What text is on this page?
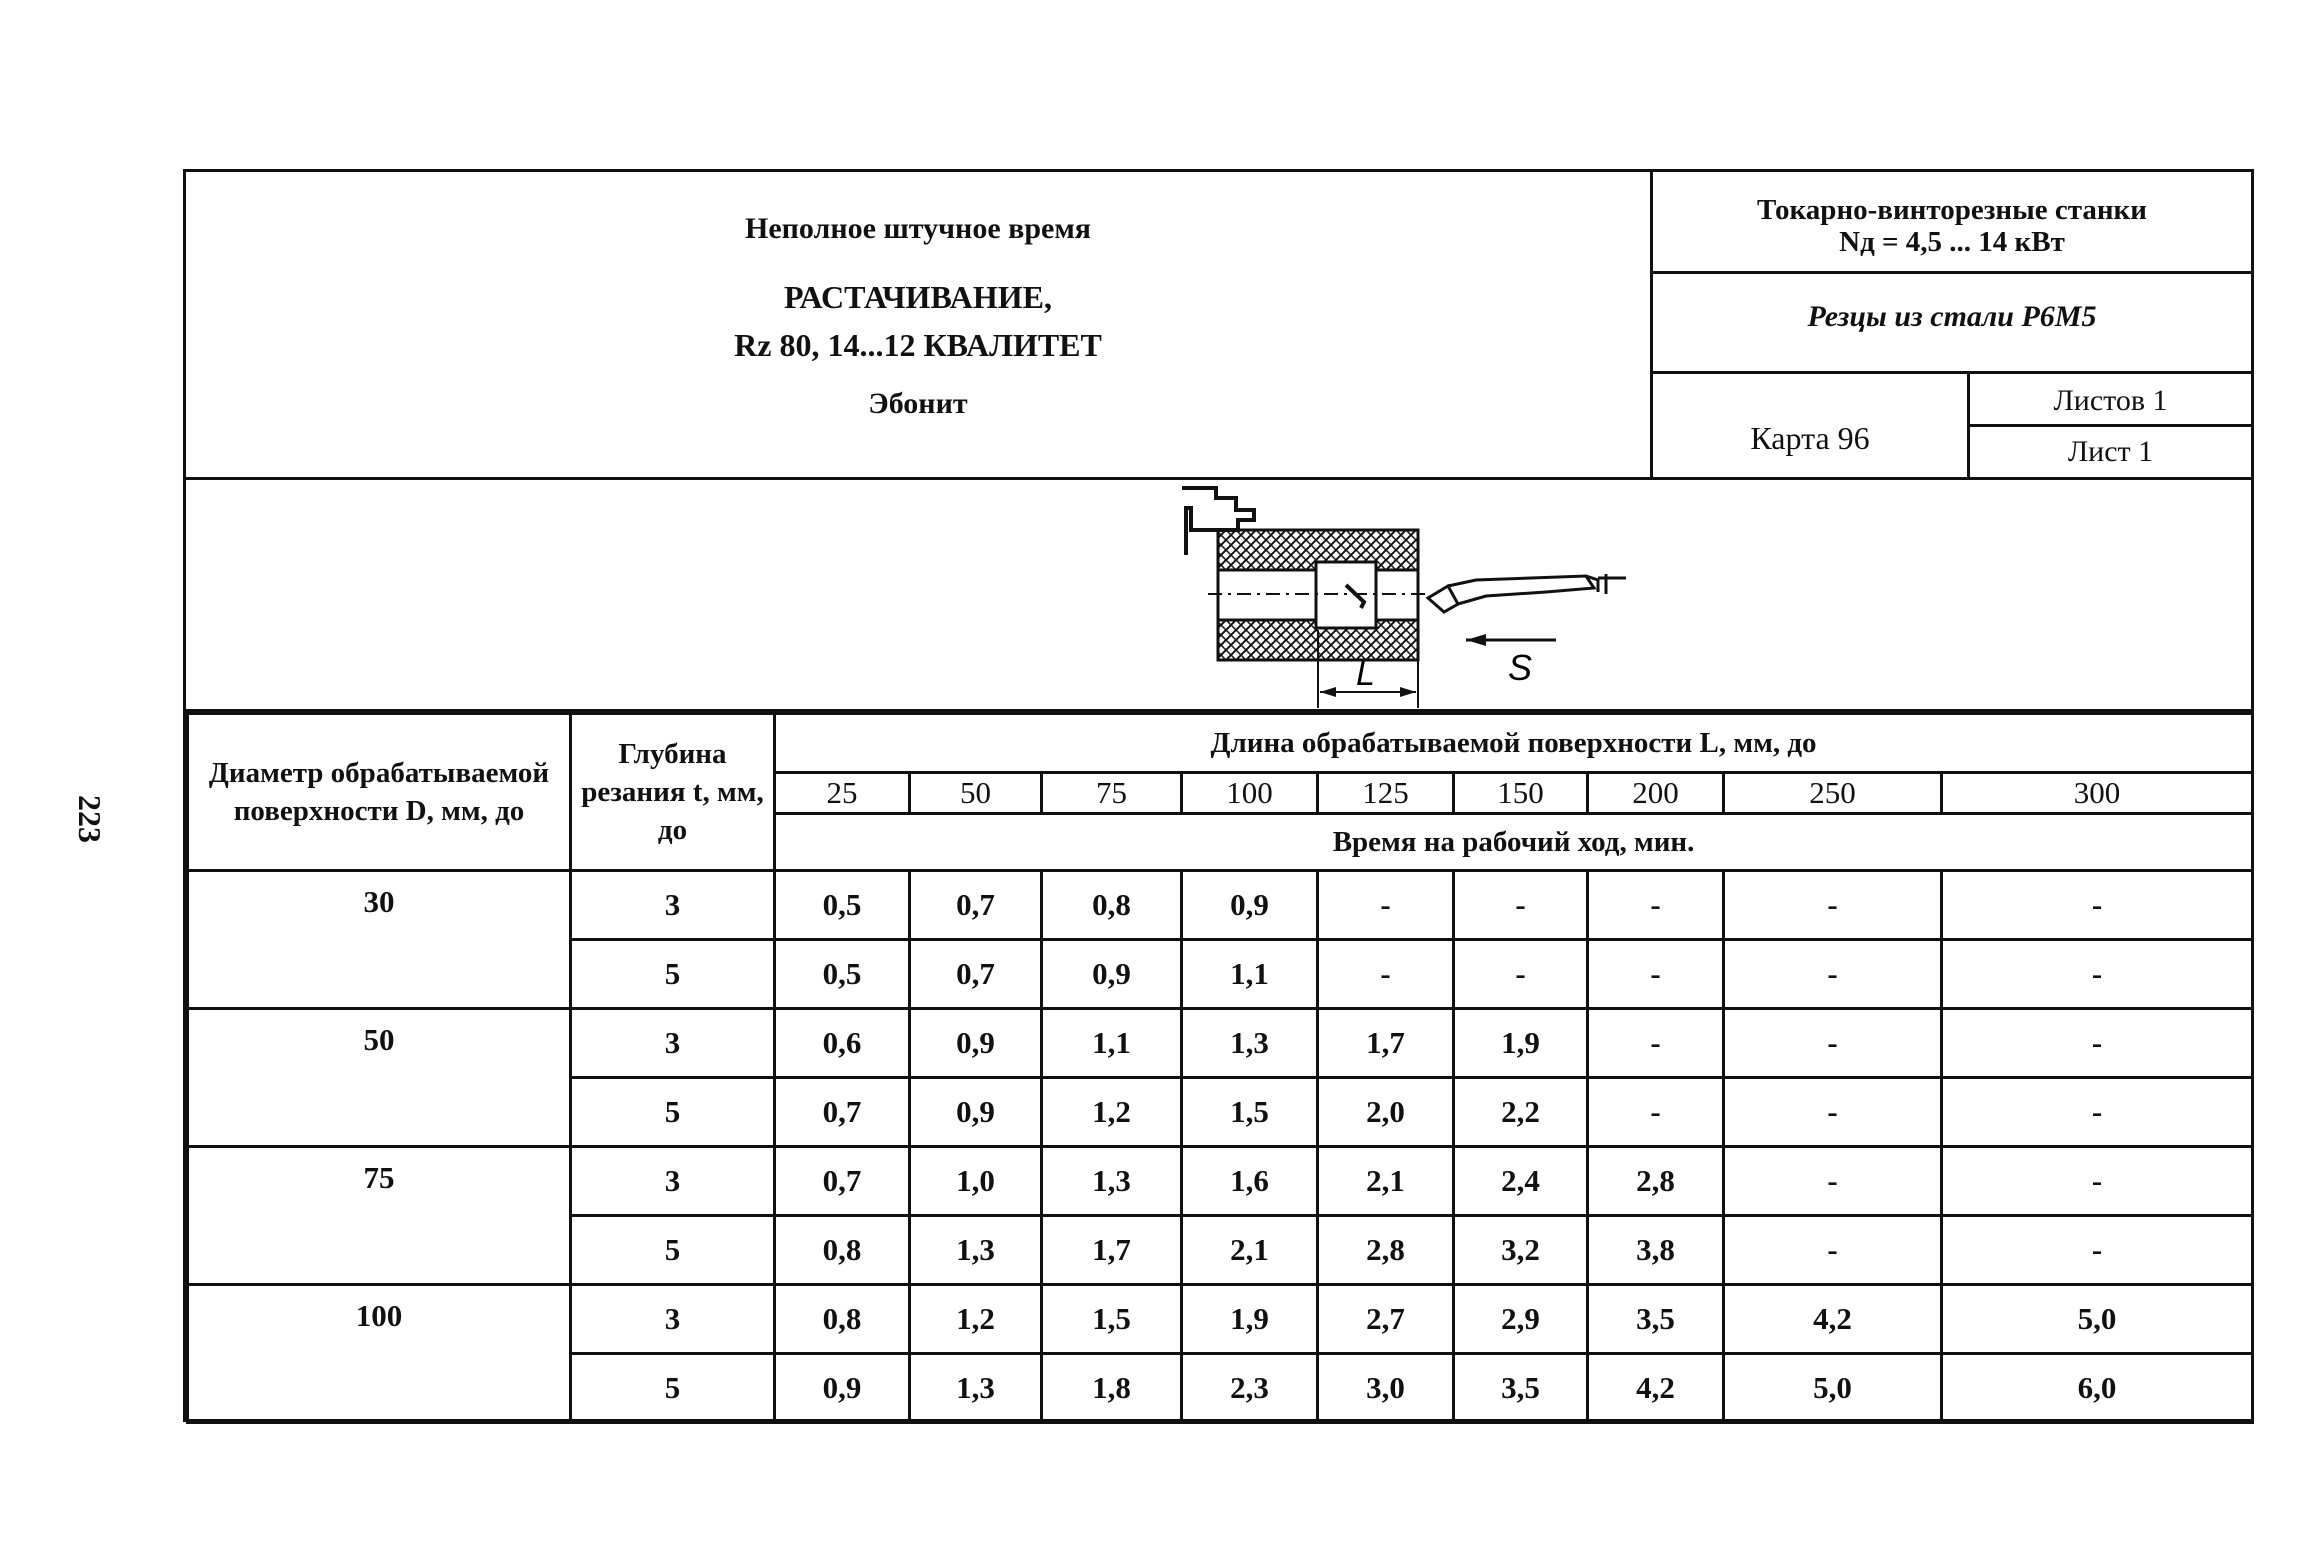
223
Неполное штучное время
РАСТАЧИВАНИЕ,
Rz 80, 14...12 КВАЛИТЕТ
Эбонит
Токарно-винторезные станки
Nд = 4,5 ... 14 кВт
Резцы из стали Р6М5
Карта 96
Листов 1
Лист 1
S
L
Диаметр обрабатываемой поверхности D, мм, до	Глубина резания t, мм, до	Длина обрабатываемой поверхности L, мм, до								
		25	50	75	100	125	150	200	250	300
		Время на рабочий ход, мин.								
30	3	0,5	0,7	0,8	0,9	-	-	-	-	-
	5	0,5	0,7	0,9	1,1	-	-	-	-	-
50	3	0,6	0,9	1,1	1,3	1,7	1,9	-	-	-
	5	0,7	0,9	1,2	1,5	2,0	2,2	-	-	-
75	3	0,7	1,0	1,3	1,6	2,1	2,4	2,8	-	-
	5	0,8	1,3	1,7	2,1	2,8	3,2	3,8	-	-
100	3	0,8	1,2	1,5	1,9	2,7	2,9	3,5	4,2	5,0
	5	0,9	1,3	1,8	2,3	3,0	3,5	4,2	5,0	6,0
